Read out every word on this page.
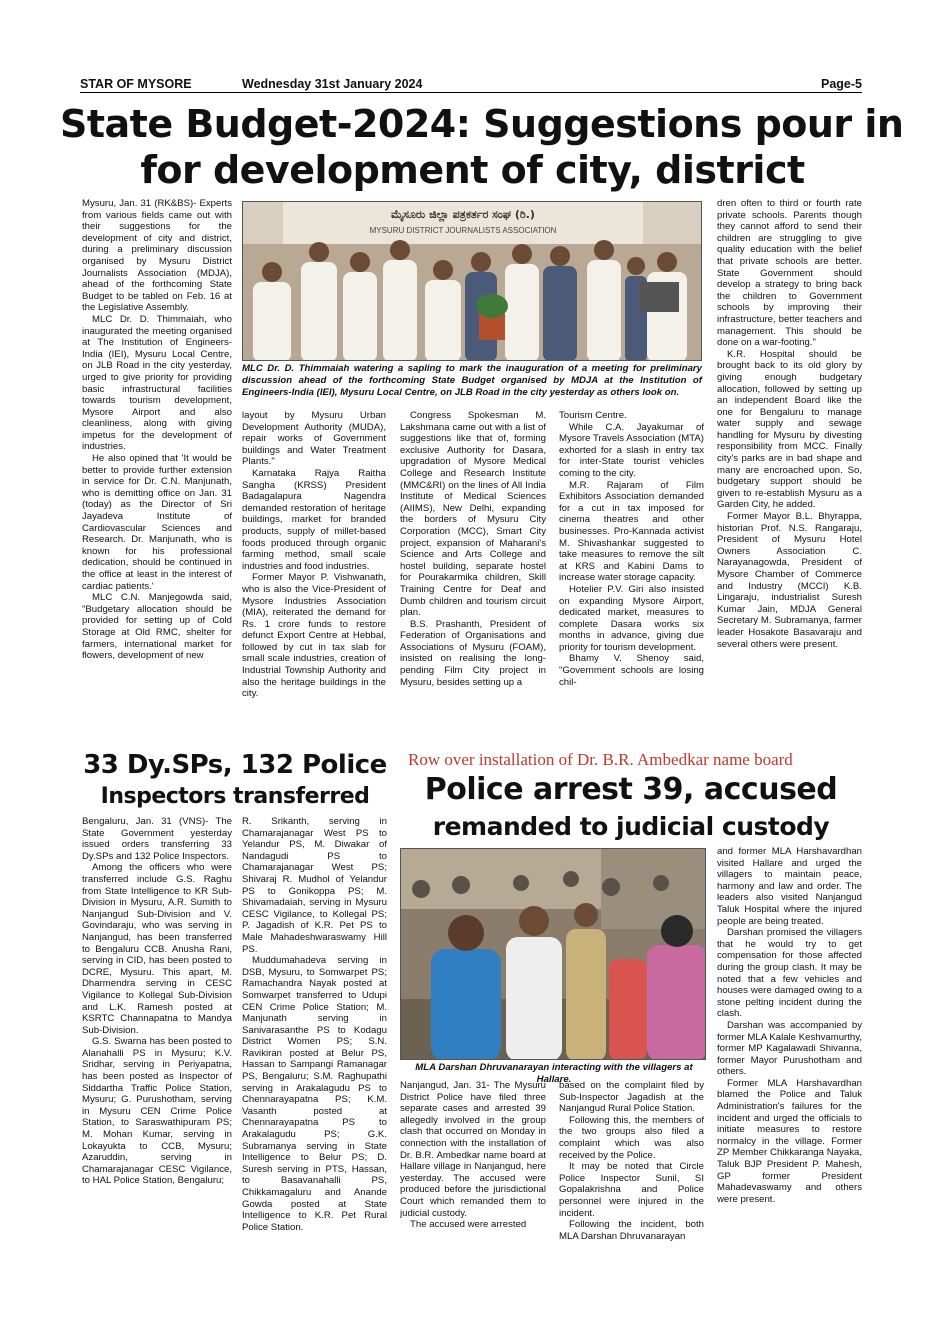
STAR OF MYSORE	Wednesday 31st January 2024	Page-5
State Budget-2024: Suggestions pour in
for development of city, district

Mysuru, Jan. 31 (RK&BS)- Experts from various fields came out with their suggestions for the development of city and district, during a preliminary discussion organised by Mysuru District Journalists Association (MDJA), ahead of the forthcoming State Budget to be tabled on Feb. 16 at the Legislative Assembly.

MLC Dr. D. Thimmaiah, who inaugurated the meeting organised at The Institution of Engineers-India (IEI), Mysuru Local Centre, on JLB Road in the city yesterday, urged to give priority for providing basic infrastructural facilities towards tourism development, Mysore Airport and also cleanliness, along with giving impetus for the development of industries.

He also opined that 'It would be better to provide further extension in service for Dr. C.N. Manjunath, who is demitting office on Jan. 31 (today) as the Director of Sri Jayadeva Institute of Cardiovascular Sciences and Research. Dr. Manjunath, who is known for his professional dedication, should be continued in the office at least in the interest of cardiac patients.'

MLC C.N. Manjegowda said, "Budgetary allocation should be provided for setting up of Cold Storage at Old RMC, shelter for farmers, international market for flowers, development of new

ಮೈಸೂರು ಜಿಲ್ಲಾ ಪತ್ರಕರ್ತರ ಸಂಘ (ರಿ.)
MYSURU DISTRICT JOURNALISTS ASSOCIATION
MLC Dr. D. Thimmaiah watering a sapling to mark the inauguration of a meeting for preliminary discussion ahead of the forthcoming State Budget organised by MDJA at the Institution of Engineers-India (IEI), Mysuru Local Centre, on JLB Road in the city yesterday as others look on.

layout by Mysuru Urban Development Authority (MUDA), repair works of Government buildings and Water Treatment Plants."

Karnataka Rajya Raitha Sangha (KRSS) President Badagalapura Nagendra demanded restoration of heritage buildings, market for branded products, supply of millet-based foods produced through organic farming method, small scale industries and food industries.

Former Mayor P. Vishwanath, who is also the Vice-President of Mysore Industries Association (MIA), reiterated the demand for Rs. 1 crore funds to restore defunct Export Centre at Hebbal, followed by cut in tax slab for small scale industries, creation of Industrial Township Authority and also the heritage buildings in the city.

Congress Spokesman M. Lakshmana came out with a list of suggestions like that of, forming exclusive Authority for Dasara, upgradation of Mysore Medical College and Research Institute (MMC&RI) on the lines of All India Institute of Medical Sciences (AIIMS), New Delhi, expanding the borders of Mysuru City Corporation (MCC), Smart City project, expansion of Maharani's Science and Arts College and hostel building, separate hostel for Pourakarmika children, Skill Training Centre for Deaf and Dumb children and tourism circuit plan.

B.S. Prashanth, President of Federation of Organisations and Associations of Mysuru (FOAM), insisted on realising the long-pending Film City project in Mysuru, besides setting up a

Tourism Centre.

While C.A. Jayakumar of Mysore Travels Association (MTA) exhorted for a slash in entry tax for inter-State tourist vehicles coming to the city.

M.R. Rajaram of Film Exhibitors Association demanded for a cut in tax imposed for cinema theatres and other businesses. Pro-Kannada activist M. Shivashankar suggested to take measures to remove the silt at KRS and Kabini Dams to increase water storage capacity.

Hotelier P.V. Giri also insisted on expanding Mysore Airport, dedicated market, measures to complete Dasara works six months in advance, giving due priority for tourism development.

Bhamy V. Shenoy said, "Government schools are losing chil-

dren often to third or fourth rate private schools. Parents though they cannot afford to send their children are struggling to give quality education with the belief that private schools are better. State Government should develop a strategy to bring back the children to Government schools by improving their infrastructure, better teachers and management. This should be done on a war-footing."

K.R. Hospital should be brought back to its old glory by giving enough budgetary allocation, followed by setting up an independent Board like the one for Bengaluru to manage water supply and sewage handling for Mysuru by divesting responsibility from MCC. Finally city's parks are in bad shape and many are encroached upon. So, budgetary support should be given to re-establish Mysuru as a Garden City, he added.

Former Mayor B.L. Bhyrappa, historian Prof. N.S. Rangaraju, President of Mysuru Hotel Owners Association C. Narayanagowda, President of Mysore Chamber of Commerce and Industry (MCCI) K.B. Lingaraju, industrialist Suresh Kumar Jain, MDJA General Secretary M. Subramanya, farmer leader Hosakote Basavaraju and several others were present.

33 Dy.SPs, 132 Police
Inspectors transferred

Bengaluru, Jan. 31 (VNS)- The State Government yesterday issued orders transferring 33 Dy.SPs and 132 Police Inspectors.

Among the officers who were transferred include G.S. Raghu from State Intelligence to KR Sub-Division in Mysuru, A.R. Sumith to Nanjangud Sub-Division and V. Govindaraju, who was serving in Nanjangud, has been transferred to Bengaluru CCB. Anusha Rani, serving in CID, has been posted to DCRE, Mysuru. This apart, M. Dharmendra serving in CESC Vigilance to Kollegal Sub-Division and L.K. Ramesh posted at KSRTC Channapatna to Mandya Sub-Division.

G.S. Swarna has been posted to Alanahalli PS in Mysuru; K.V. Sridhar, serving in Periyapatna, has been posted as Inspector of Siddartha Traffic Police Station, Mysuru; G. Purushotham, serving in Mysuru CEN Crime Police Station, to Saraswathipuram PS; M. Mohan Kumar, serving in Lokayukta to CCB, Mysuru; Azaruddin, serving in Chamarajanagar CESC Vigilance, to HAL Police Station, Bengaluru;

R. Srikanth, serving in Chamarajanagar West PS to Yelandur PS, M. Diwakar of Nandagudi PS to Chamarajanagar West PS; Shivaraj R. Mudhol of Yelandur PS to Gonikoppa PS; M. Shivamadaiah, serving in Mysuru CESC Vigilance, to Kollegal PS; P. Jagadish of K.R. Pet PS to Male Mahadeshwaraswamy Hill PS.

Muddumahadeva serving in DSB, Mysuru, to Somwarpet PS; Ramachandra Nayak posted at Somwarpet transferred to Udupi CEN Crime Police Station; M. Manjunath serving in Sanivarasanthe PS to Kodagu District Women PS; S.N. Ravikiran posted at Belur PS, Hassan to Sampangi Ramanagar PS, Bengaluru; S.M. Raghupathi serving in Arakalagudu PS to Chennarayapatna PS; K.M. Vasanth posted at Chennarayapatna PS to Arakalagudu PS; G.K. Subramanya serving in State Intelligence to Belur PS; D. Suresh serving in PTS, Hassan, to Basavanahalli PS, Chikkamagaluru and Anande Gowda posted at State Intelligence to K.R. Pet Rural Police Station.

Row over installation of Dr. B.R. Ambedkar name board
Police arrest 39, accused
remanded to judicial custody
MLA Darshan Dhruvanarayan interacting with the villagers at Hallare.

Nanjangud, Jan. 31- The Mysuru District Police have filed three separate cases and arrested 39 allegedly involved in the group clash that occurred on Monday in connection with the installation of Dr. B.R. Ambedkar name board at Hallare village in Nanjangud, here yesterday. The accused were produced before the jurisdictional Court which remanded them to judicial custody.

The accused were arrested

based on the complaint filed by Sub-Inspector Jagadish at the Nanjangud Rural Police Station.

Following this, the members of the two groups also filed a complaint which was also received by the Police.

It may be noted that Circle Police Inspector Sunil, SI Gopalakrishna and Police personnel were injured in the incident.

Following the incident, both MLA Darshan Dhruvanarayan

and former MLA Harshavardhan visited Hallare and urged the villagers to maintain peace, harmony and law and order. The leaders also visited Nanjangud Taluk Hospital where the injured people are being treated.

Darshan promised the villagers that he would try to get compensation for those affected during the group clash. It may be noted that a few vehicles and houses were damaged owing to a stone pelting incident during the clash.

Darshan was accompanied by former MLA Kalale Keshvamurthy, former MP Kagalawadi Shivanna, former Mayor Purushotham and others.

Former MLA Harshavardhan blamed the Police and Taluk Administration's failures for the incident and urged the officials to initiate measures to restore normalcy in the village. Former ZP Member Chikkaranga Nayaka, Taluk BJP President P. Mahesh, GP former President Mahadevaswamy and others were present.
